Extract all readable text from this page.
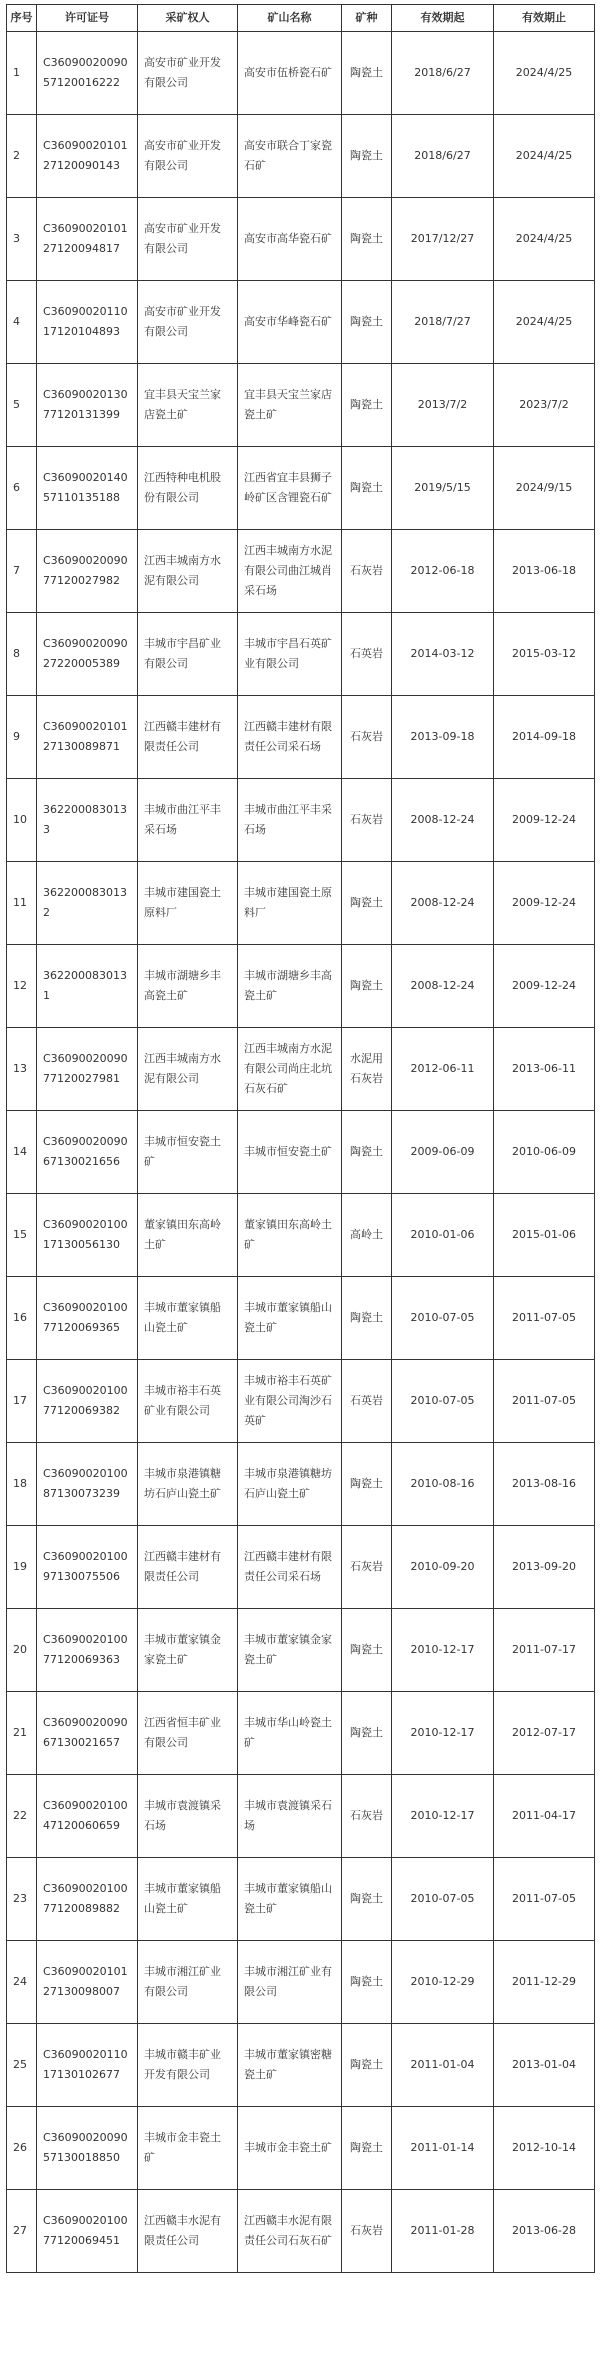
序号	许可证号	采矿权人	矿山名称	矿种	有效期起	有效期止
1	C3609002009057120016222	高安市矿业开发有限公司	高安市伍桥瓷石矿	陶瓷土	2018/6/27	2024/4/25
2	C3609002010127120090143	高安市矿业开发有限公司	高安市联合丁家瓷石矿	陶瓷土	2018/6/27	2024/4/25
3	C3609002010127120094817	高安市矿业开发有限公司	高安市高华瓷石矿	陶瓷土	2017/12/27	2024/4/25
4	C3609002011017120104893	高安市矿业开发有限公司	高安市华峰瓷石矿	陶瓷土	2018/7/27	2024/4/25
5	C3609002013077120131399	宜丰县天宝兰家店瓷土矿	宜丰县天宝兰家店瓷土矿	陶瓷土	2013/7/2	2023/7/2
6	C3609002014057110135188	江西特种电机股份有限公司	江西省宜丰县狮子岭矿区含锂瓷石矿	陶瓷土	2019/5/15	2024/9/15
7	C3609002009077120027982	江西丰城南方水泥有限公司	江西丰城南方水泥有限公司曲江城肖采石场	石灰岩	2012-06-18	2013-06-18
8	C3609002009027220005389	丰城市宇昌矿业有限公司	丰城市宇昌石英矿业有限公司	石英岩	2014-03-12	2015-03-12
9	C3609002010127130089871	江西赣丰建材有限责任公司	江西赣丰建材有限责任公司采石场	石灰岩	2013-09-18	2014-09-18
10	3622000830133	丰城市曲江平丰采石场	丰城市曲江平丰采石场	石灰岩	2008-12-24	2009-12-24
11	3622000830132	丰城市建国瓷土原料厂	丰城市建国瓷土原料厂	陶瓷土	2008-12-24	2009-12-24
12	3622000830131	丰城市湖塘乡丰高瓷土矿	丰城市湖塘乡丰高瓷土矿	陶瓷土	2008-12-24	2009-12-24
13	C3609002009077120027981	江西丰城南方水泥有限公司	江西丰城南方水泥有限公司尚庄北坑石灰石矿	水泥用石灰岩	2012-06-11	2013-06-11
14	C3609002009067130021656	丰城市恒安瓷土矿	丰城市恒安瓷土矿	陶瓷土	2009-06-09	2010-06-09
15	C3609002010017130056130	董家镇田东高岭土矿	董家镇田东高岭土矿	高岭土	2010-01-06	2015-01-06
16	C3609002010077120069365	丰城市董家镇船山瓷土矿	丰城市董家镇船山瓷土矿	陶瓷土	2010-07-05	2011-07-05
17	C3609002010077120069382	丰城市裕丰石英矿业有限公司	丰城市裕丰石英矿业有限公司淘沙石英矿	石英岩	2010-07-05	2011-07-05
18	C3609002010087130073239	丰城市泉港镇糖坊石庐山瓷土矿	丰城市泉港镇糖坊石庐山瓷土矿	陶瓷土	2010-08-16	2013-08-16
19	C3609002010097130075506	江西赣丰建材有限责任公司	江西赣丰建材有限责任公司采石场	石灰岩	2010-09-20	2013-09-20
20	C3609002010077120069363	丰城市董家镇金家瓷土矿	丰城市董家镇金家瓷土矿	陶瓷土	2010-12-17	2011-07-17
21	C3609002009067130021657	江西省恒丰矿业有限公司	丰城市华山岭瓷土矿	陶瓷土	2010-12-17	2012-07-17
22	C3609002010047120060659	丰城市袁渡镇采石场	丰城市袁渡镇采石场	石灰岩	2010-12-17	2011-04-17
23	C3609002010077120089882	丰城市董家镇船山瓷土矿	丰城市董家镇船山瓷土矿	陶瓷土	2010-07-05	2011-07-05
24	C3609002010127130098007	丰城市湘江矿业有限公司	丰城市湘江矿业有限公司	陶瓷土	2010-12-29	2011-12-29
25	C3609002011017130102677	丰城市赣丰矿业开发有限公司	丰城市董家镇密糖瓷土矿	陶瓷土	2011-01-04	2013-01-04
26	C3609002009057130018850	丰城市金丰瓷土矿	丰城市金丰瓷土矿	陶瓷土	2011-01-14	2012-10-14
27	C3609002010077120069451	江西赣丰水泥有限责任公司	江西赣丰水泥有限责任公司石灰石矿	石灰岩	2011-01-28	2013-06-28
